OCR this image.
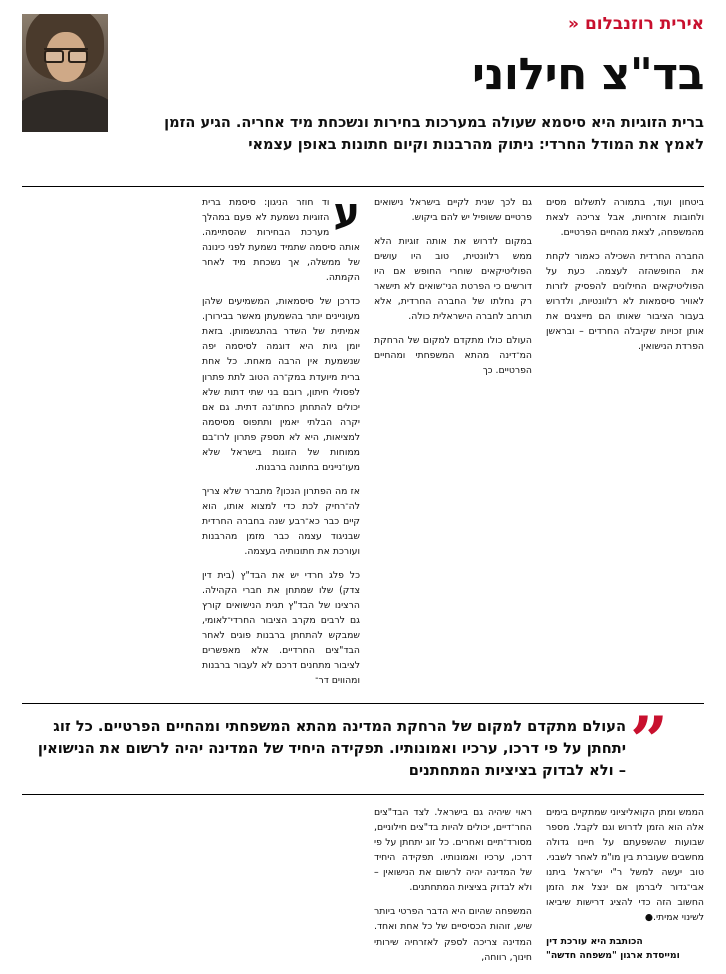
אירית רוזנבלום«
בד"צ חילוני
ברית הזוגיות היא סיסמא שעולה במערכות בחירות ונשכחת מיד אחריה. הגיע הזמן לאמץ את המודל החרדי: ניתוק מהרבנות וקיום חתונות באופן עצמאי

ביטחון ועוד, בתמורה לתשלום מסים ולחובות אזרחיות, אבל צריכה לצאת מהמשפחה, לצאת מהחיים הפרטיים.

החברה החרדית השכילה כאמור לקחת את החופשהזה לעצמה. כעת על הפוליטיקאים החילונים להפסיק לזרות לאוויר סיסמאות לא רלוונטיות, ולדרוש בעבור הציבור שאותו הם מייצגים את אותן זכויות שקיבלה החרדים – ובראשן הפרדת הנישואין.

גם לכך שנית לקיים בישראל נישואים פרטיים ששופיל יש להם ביקוש.

במקום לדרוש את אותה זוגיות הלא ממש רלוונטית, טוב היו עושים הפוליטיקאים שוחרי החופש אם היו דורשים כי הפרטת הני־שואים לא תישאר רק נחלתו של החברה החרדית, אלא תורחב לחברה הישראלית כולה.

העולם כולו מתקדם למקום של הרחקת המ־דינה מהתא המשפחתי ומהחיים הפרטיים. כך

ע
וד חוזר הניגון: סיסמת ברית הזוגיות נשמעת לא פעם במהלך מערכת הבחירות שהסתיימה. אותה סיסמה שתמיד נשמעת לפני כינונה של ממשלה, אך נשכחת מיד לאחר הקמתה.

כדרכן של סיסמאות, המשמיעים שלהן מעוניינים יותר בהשמעתן מאשר בבירורן. אמיתית של השדר בהתגשמותן. בזאת יומן גיות היא דוגמה לסיסמה יפה שנשמעת אין הרבה מאחת. כל אחת ברית מיועדת במק־רה הטוב לתת פתרון לפסולי חיתון, רובם בני שתי דתות שלא יכולים להתחתן כחתו־נה דתית. גם אם יקרה הבלתי יאמין ותתפוס מסיסמה למציאות, היא לא תספק פתרון לרו־בם ממוחות של הזוגות בישראל שלא מעו־ניינים בחתונה ברבנות.

אז מה הפתרון הנכון? מתברר שלא צריך לה־רחיק לכת כדי למצוא אותו, הוא קיים כבר כא־רבע שנה בחברה החרדית שבניגוד עצמה כבר מזמן מהרבנות ועורכת את חתונותיה בעצמה.

כל פלג חרדי יש את הבד"ץ (בית דין צדק) שלו שמתחן את חברי הקהילה. הרצינו של הבד"ץ תגית הנישואים קורץ גם לרבים מקרב הציבור החרדי־לאומי, שמבקש להתחתן ברבנות פוגים לאחר הבד"צים החרדיים. אלא מאפשרים לציבור מתחנים דרכם לא לעבור ברבנות ומהווים דר־

העולם מתקדם למקום של הרחקת המדינה מהתא המשפחתי ומהחיים הפרטיים. כל זוג יתחתן על פי דרכו, ערכיו ואמונותיו. תפקידה היחיד של המדינה יהיה לרשום את הנישואין – ולא לבדוק בציציות המתחתנים ”

הממש ומתן הקואליציוני שמתקיים בימים אלה הוא הזמן לדרוש וגם לקבל. מספר שבועות שהשפעתם על חיינו גדולה מחשבים שעוברת בין מו"מ לאחר לשבני. טוב יעשה למשל ר"י יש־ראל ביתנו אבי־גדור ליברמן אם ינצל את הזמן החשוב הזה כדי להציג דרישות שיביאו לשינוי אמיתי.●

הכותבת היא עורכת דין
ומייסדת ארגון "משפחה חדשה"

ראוי שיהיה גם בישראל. לצד הבד"צים החר־דיים, יכולים להיות בד"צים חילוניים, מסורד־תיים ואחרים. כל זוג יתחתן על פי דרכו, ערכיו ואמונותיו. תפקידה היחיד של המדינה יהיה לרשום את הנישואין – ולא לבדוק בציציות המתחתנים.

המשפחה שהיום היא הדבר הפרטי ביותר שיש, זוהות הכסיסיים של כל אחת ואחד. המדינה צריכה לספק לאזרחיה שירותי חינוך, רווחה,
